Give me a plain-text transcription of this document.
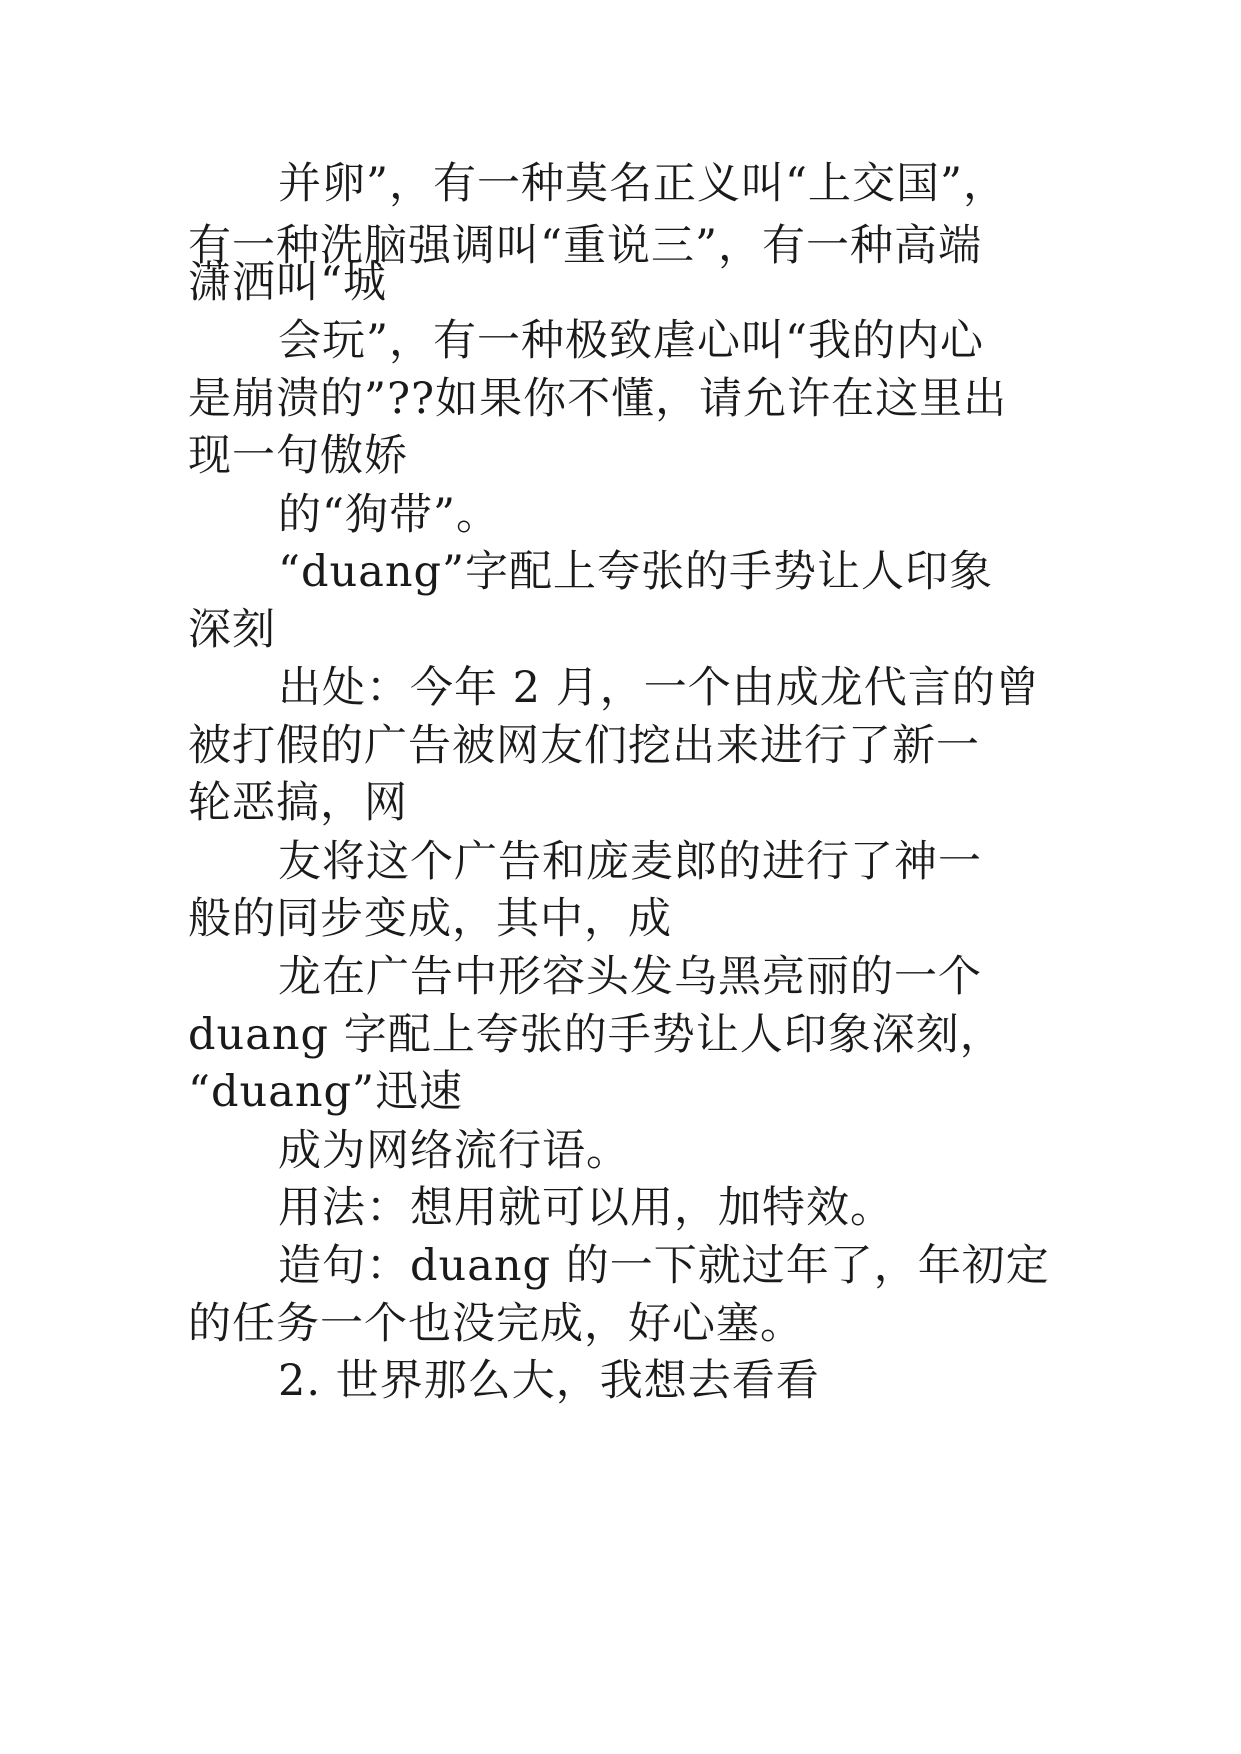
并卵”，有一种莫名正义叫“上交国”，
有一种洗脑强调叫“重说三”，有一种高端
潇洒叫“城
会玩”，有一种极致虐心叫“我的内心
是崩溃的”??如果你不懂，请允许在这里出
现一句傲娇
的“狗带”。
“duang”字配上夸张的手势让人印象
深刻
出处：今年 2 月，一个由成龙代言的曾
被打假的广告被网友们挖出来进行了新一
轮恶搞，网
友将这个广告和庞麦郎的进行了神一
般的同步变成，其中，成
龙在广告中形容头发乌黑亮丽的一个
duang 字配上夸张的手势让人印象深刻，
“duang”迅速
成为网络流行语。
用法：想用就可以用，加特效。
造句：duang 的一下就过年了，年初定
的任务一个也没完成，好心塞。
2. 世界那么大，我想去看看
